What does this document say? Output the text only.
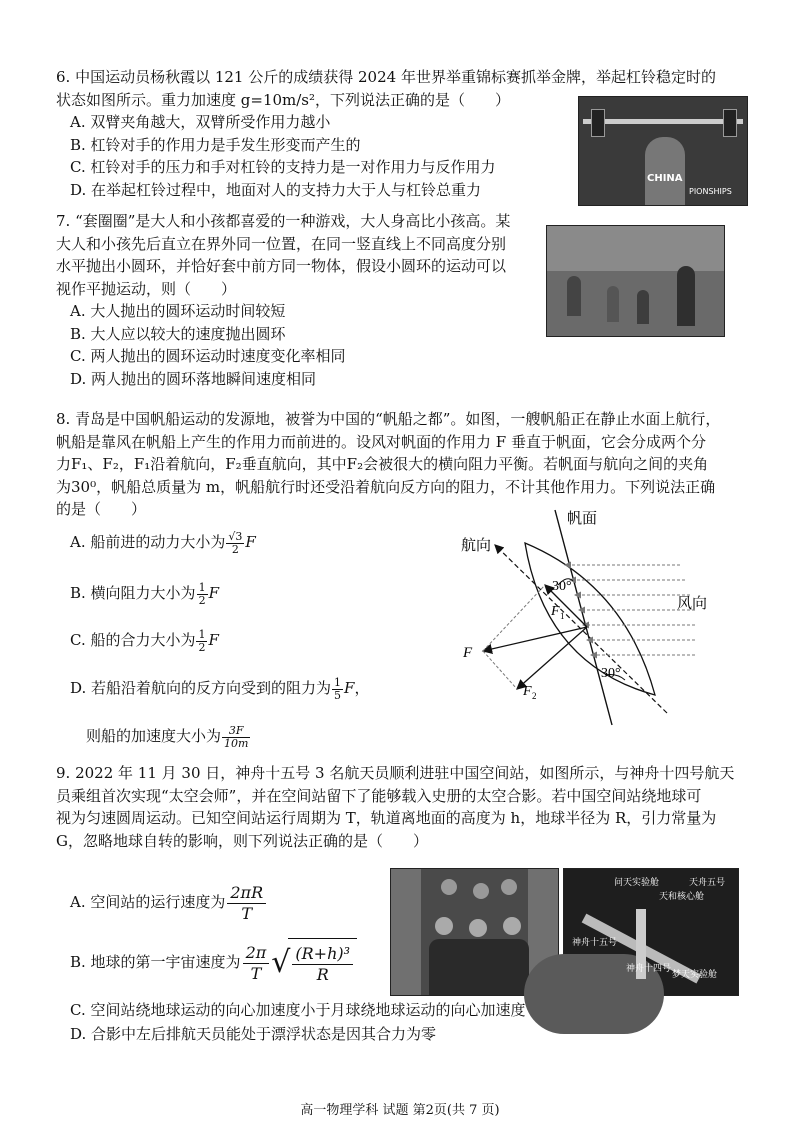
6. 中国运动员杨秋霞以 121 公斤的成绩获得 2024 年世界举重锦标赛抓举金牌，举起杠铃稳定时的
状态如图所示。重力加速度 g=10m/s²，下列说法正确的是（　　）
A. 双臂夹角越大，双臂所受作用力越小
B. 杠铃对手的作用力是手发生形变而产生的
C. 杠铃对手的压力和手对杠铃的支持力是一对作用力与反作用力
D. 在举起杠铃过程中，地面对人的支持力大于人与杠铃总重力
CHINA
PIONSHIPS
7. “套圈圈”是大人和小孩都喜爱的一种游戏，大人身高比小孩高。某
大人和小孩先后直立在界外同一位置，在同一竖直线上不同高度分别
水平抛出小圆环，并恰好套中前方同一物体，假设小圆环的运动可以
视作平抛运动，则（　　）
A. 大人抛出的圆环运动时间较短
B. 大人应以较大的速度抛出圆环
C. 两人抛出的圆环运动时速度变化率相同
D. 两人抛出的圆环落地瞬间速度相同
8. 青岛是中国帆船运动的发源地，被誉为中国的“帆船之都”。如图，一艘帆船正在静止水面上航行，
帆船是靠风在帆船上产生的作用力而前进的。设风对帆面的作用力 F 垂直于帆面，它会分成两个分
力F₁、F₂，F₁沿着航向，F₂垂直航向，其中F₂会被很大的横向阻力平衡。若帆面与航向之间的夹角
为30⁰，帆船总质量为 m，帆船航行时还受沿着航向反方向的阻力，不计其他作用力。下列说法正确
的是（　　）
A. 船前进的动力大小为 $\frac{√3}{2}$ F
B. 横向阻力大小为 $\frac{1}{2}$ F
C. 船的合力大小为 $\frac{1}{2}$ F
D. 若船沿着航向的反方向受到的阻力为 $\frac{1}{5}$ F，
则船的加速度大小为 $\frac{3F}{10m}$
帆面
航向
风向
30°
30°
F
F 1
F 2
9. 2022 年 11 月 30 日，神舟十五号 3 名航天员顺利进驻中国空间站，如图所示，与神舟十四号航天
员乘组首次实现“太空会师”，并在空间站留下了能够载入史册的太空合影。若中国空间站绕地球可
视为匀速圆周运动。已知空间站运行周期为 T，轨道离地面的高度为 h，地球半径为 R，引力常量为
G，忽略地球自转的影响，则下列说法正确的是（　　）
A. 空间站的运行速度为 $\frac{2\pi R}{T}$
B. 地球的第一宇宙速度为 $\frac{2\pi}{T}$ √ $\frac{\text{(R+h)³}}{R}$
C. 空间站绕地球运动的向心加速度小于月球绕地球运动的向心加速度
D. 合影中左后排航天员能处于漂浮状态是因其合力为零
问天实验舱	天舟五号
天和核心舱
神舟十五号
神舟十四号
梦天实验舱
高一物理学科 试题 第2页(共 7 页)
